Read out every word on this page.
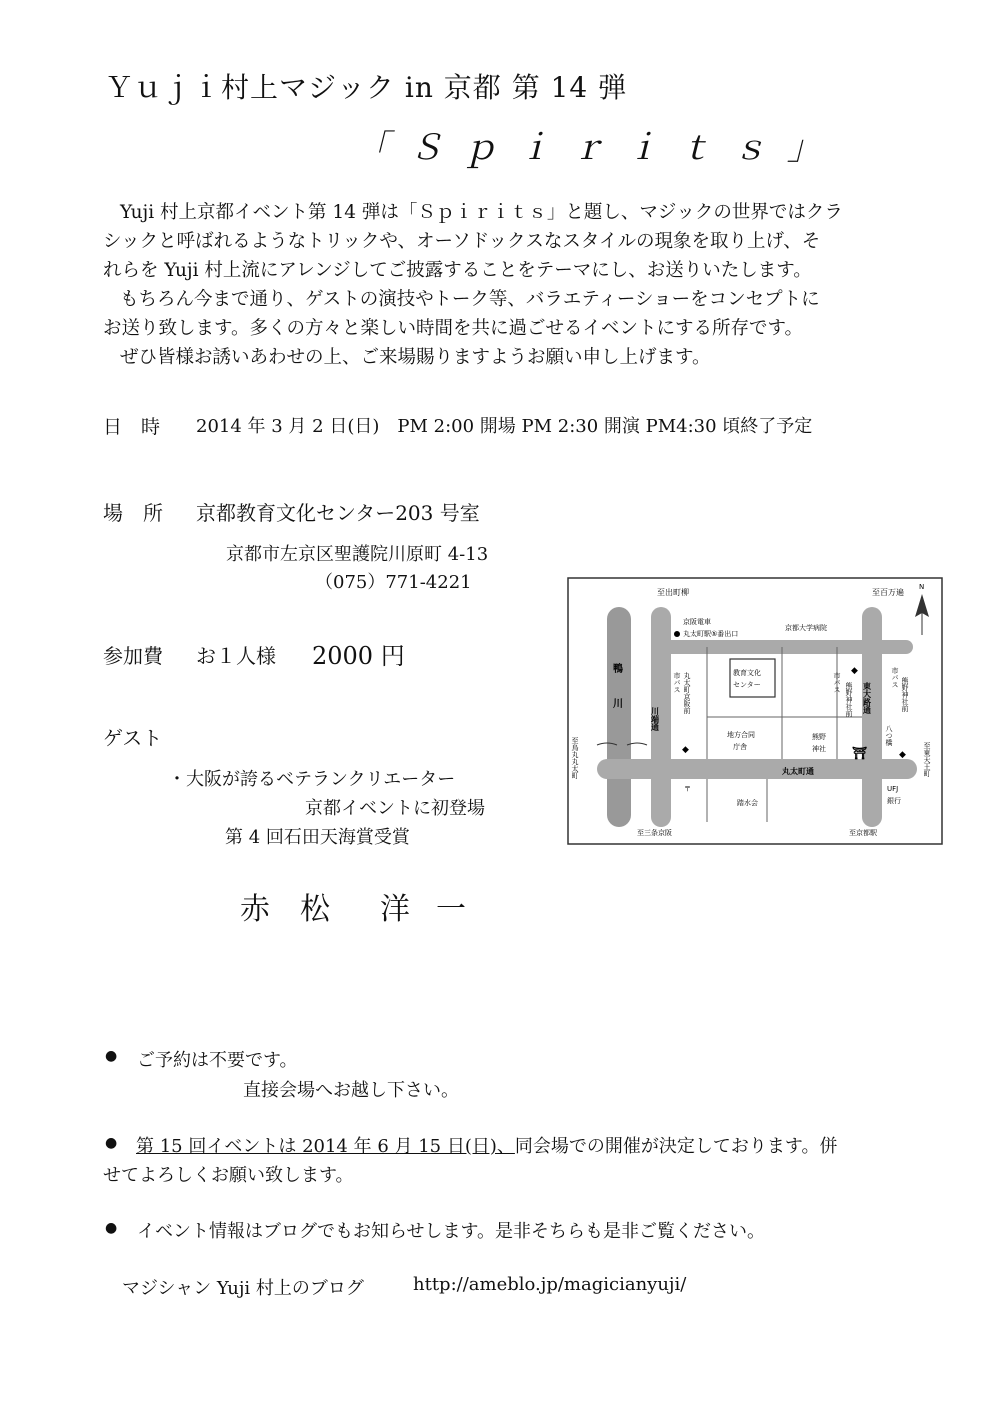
Ｙｕｊｉ村上マジック in 京都 第 14 弾
「Ｓｐｉｒｉｔｓ」
Yuji 村上京都イベント第 14 弾は「Ｓｐｉｒｉｔｓ」と題し、マジックの世界ではクラ
シックと呼ばれるようなトリックや、オーソドックスなスタイルの現象を取り上げ、そ
れらを Yuji 村上流にアレンジしてご披露することをテーマにし、お送りいたします。
もちろん今まで通り、ゲストの演技やトーク等、バラエティーショーをコンセプトに
お送り致します。多くの方々と楽しい時間を共に過ごせるイベントにする所存です。
ぜひ皆様お誘いあわせの上、ご来場賜りますようお願い申し上げます。
日　時 2014 年 3 月 2 日(日)　PM 2:00 開場 PM 2:30 開演 PM4:30 頃終了予定
場　所 京都教育文化センター203 号室
京都市左京区聖護院川原町 4-13
（075）771-4221
参加費 お１人様 2000 円
ゲスト
・大阪が誇るベテランクリエーター
京都イベントに初登場
第 4 回石田天海賞受賞
赤 松 洋 一
⛩
◆
◆
◆
至出町柳	至百万遍
N
京阪電車
丸太町駅⑤番出口
京都大学病院
教育文化
センター
鴨
川
川端通
市バス 丸太町京阪前	市バス 熊野神社前 東大路通
市バス 熊野神社前
八つ橋
地方合同
庁舎
熊野
神社
丸太町通
至烏丸丸太町	至東天王町
〒	UFJ
銀行
至三条京阪
踏水会
至京都駅
● ご予約は不要です。
直接会場へお越し下さい。
● 第 15 回イベントは 2014 年 6 月 15 日(日)、同会場での開催が決定しております。併
せてよろしくお願い致します。
● イベント情報はブログでもお知らせします。是非そちらも是非ご覧ください。
マジシャン Yuji 村上のブログ	http://ameblo.jp/magicianyuji/
